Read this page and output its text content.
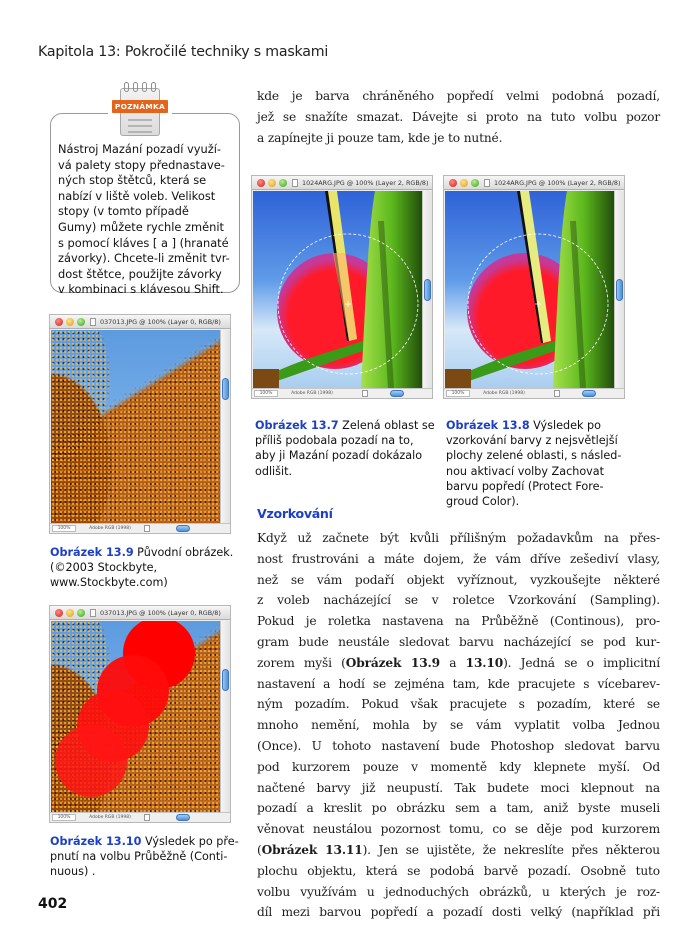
Kapitola 13: Pokročilé techniky s maskami
POZNÁMKA
Nástroj Mazání pozadí využí-
vá palety stopy přednastave-
ných stop štětců, která se
nabízí v liště voleb. Velikost
stopy (v tomto případě
Gumy) můžete rychle změnit
s pomocí kláves [ a ] (hranaté
závorky). Chcete-li změnit tvr-
dost štětce, použijte závorky
v kombinaci s klávesou Shift.
kde je barva chráněného popředí velmi podobná pozadí,
jež se snažíte smazat. Dávejte si proto na tuto volbu pozor
a zapínejte ji pouze tam, kde je to nutné.
1024ARG.JPG @ 100% (Layer 2, RGB/8)
100%	Adobe RGB (1998)
1024ARG.JPG @ 100% (Layer 2, RGB/8)
100%	Adobe RGB (1998)
Obrázek 13.7 Zelená oblast se
příliš podobala pozadí na to,
aby ji Mazání pozadí dokázalo
odlišit.
Obrázek 13.8 Výsledek po
vzorkování barvy z nejsvětlejší
plochy zelené oblasti, s násled-
nou aktivací volby Zachovat
barvu popředí (Protect Fore-
groud Color).
037013.JPG @ 100% (Layer 0, RGB/8)
100%	Adobe RGB (1998)
Obrázek 13.9 Původní obrázek.
(©2003 Stockbyte,
www.Stockbyte.com)
037013.JPG @ 100% (Layer 0, RGB/8)
100%	Adobe RGB (1998)
Obrázek 13.10 Výsledek po pře-
pnutí na volbu Průběžně (Conti-
nuous) .
Vzorkování
Když už začnete být kvůli přílišným požadavkům na přes-
nost frustrováni a máte dojem, že vám dříve zešediví vlasy,
než se vám podaří objekt vyříznout, vyzkoušejte některé
z voleb nacházející se v roletce Vzorkování (Sampling).
Pokud je roletka nastavena na Průběžně (Continous), pro-
gram bude neustále sledovat barvu nacházející se pod kur-
zorem myši (Obrázek 13.9 a 13.10). Jedná se o implicitní
nastavení a hodí se zejména tam, kde pracujete s vícebarev-
ným pozadím. Pokud však pracujete s pozadím, které se
mnoho nemění, mohla by se vám vyplatit volba Jednou
(Once). U tohoto nastavení bude Photoshop sledovat barvu
pod kurzorem pouze v momentě kdy klepnete myší. Od
načtené barvy již neupustí. Tak budete moci klepnout na
pozadí a kreslit po obrázku sem a tam, aniž byste museli
věnovat neustálou pozornost tomu, co se děje pod kurzorem
(Obrázek 13.11). Jen se ujistěte, že nekreslíte přes některou
plochu objektu, která se podobá barvě pozadí. Osobně tuto
volbu využívám u jednoduchých obrázků, u kterých je roz-
díl mezi barvou popředí a pozadí dosti velký (například při
402
